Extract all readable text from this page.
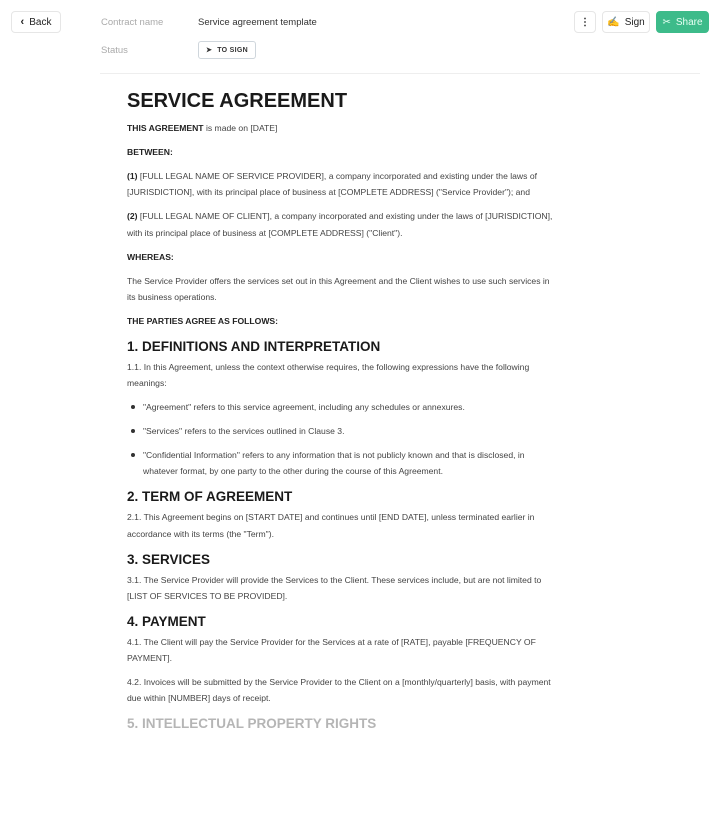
‹ Back	Contract name	Service agreement template
Status	➤ TO SIGN
⋮ ✍ Sign ✂ Share
SERVICE AGREEMENT

THIS AGREEMENT is made on [DATE]

BETWEEN:

(1) [FULL LEGAL NAME OF SERVICE PROVIDER], a company incorporated and existing under the laws of [JURISDICTION], with its principal place of business at [COMPLETE ADDRESS] ("Service Provider"); and

(2) [FULL LEGAL NAME OF CLIENT], a company incorporated and existing under the laws of [JURISDICTION], with its principal place of business at [COMPLETE ADDRESS] ("Client").

WHEREAS:

The Service Provider offers the services set out in this Agreement and the Client wishes to use such services in its business operations.

THE PARTIES AGREE AS FOLLOWS:

1. DEFINITIONS AND INTERPRETATION

1.1. In this Agreement, unless the context otherwise requires, the following expressions have the following meanings:

"Agreement" refers to this service agreement, including any schedules or annexures.
"Services" refers to the services outlined in Clause 3.
"Confidential Information" refers to any information that is not publicly known and that is disclosed, in whatever format, by one party to the other during the course of this Agreement.
2. TERM OF AGREEMENT

2.1. This Agreement begins on [START DATE] and continues until [END DATE], unless terminated earlier in accordance with its terms (the "Term").

3. SERVICES

3.1. The Service Provider will provide the Services to the Client. These services include, but are not limited to [LIST OF SERVICES TO BE PROVIDED].

4. PAYMENT

4.1. The Client will pay the Service Provider for the Services at a rate of [RATE], payable [FREQUENCY OF PAYMENT].

4.2. Invoices will be submitted by the Service Provider to the Client on a [monthly/quarterly] basis, with payment due within [NUMBER] days of receipt.

5. INTELLECTUAL PROPERTY RIGHTS
